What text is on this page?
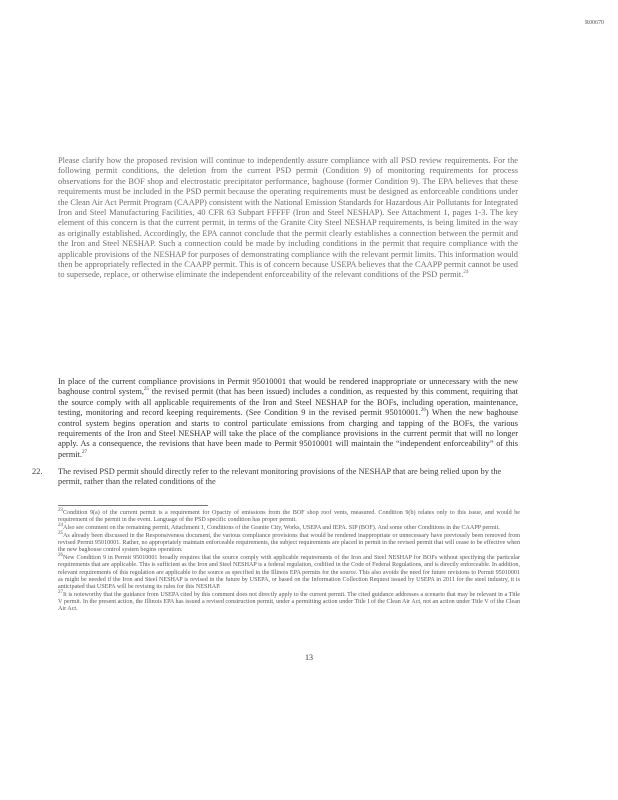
R00670
Please clarify how the proposed revision will continue to independently assure compliance with all PSD review requirements. For the following permit conditions, the deletion from the current PSD permit (Condition 9) of monitoring requirements for process observations for the BOF shop and electrostatic precipitator performance, baghouse (former Condition 9). The EPA believes that these requirements must be included in the PSD permit because the operating requirements must be designed as enforceable conditions under the Clean Air Act Permit Program (CAAPP) consistent with the National Emission Standards for Hazardous Air Pollutants for Integrated Iron and Steel Manufacturing Facilities, 40 CFR 63 Subpart FFFFF (Iron and Steel NESHAP). See Attachment 1, pages 1-3. The key element of this concern is that the current permit, in terms of the Granite City Steel NESHAP requirements, is being limited in the way as originally established. Accordingly, the EPA cannot conclude that the permit clearly establishes a connection between the permit and the Iron and Steel NESHAP. Such a connection could be made by including conditions in the permit that require compliance with the applicable provisions of the NESHAP for purposes of demonstrating compliance with the relevant permit limits. This information would then be appropriately reflected in the CAAPP permit. This is of concern because USEPA believes that the CAAPP permit cannot be used to supersede, replace, or otherwise eliminate the independent enforceability of the relevant conditions of the PSD permit.$^{24}$
In place of the current compliance provisions in Permit 95010001 that would be rendered inappropriate or unnecessary with the new baghouse control system,$^{25}$ the revised permit (that has been issued) includes a condition, as requested by this comment, requiring that the source comply with all applicable requirements of the Iron and Steel NESHAP for the BOFs, including operation, maintenance, testing, monitoring and record keeping requirements. (See Condition 9 in the revised permit 95010001.26) When the new baghouse control system begins operation and starts to control particulate emissions from charging and tapping of the BOFs, the various requirements of the Iron and Steel NESHAP will take the place of the compliance provisions in the current permit that will no longer apply. As a consequence, the revisions that have been made to Permit 95010001 will maintain the “independent enforceability” of this permit.$^{27}$
22. The revised PSD permit should directly refer to the relevant monitoring provisions of the NESHAP that are being relied upon by the permit, rather than the related conditions of the
$^{23}$Condition 9(a) of the current permit is a requirement for Opacity of emissions from the BOF shop roof vents, measured. Condition 9(b) relates only to this issue, and would be requirement of the permit in the event. Language of the PSD specific condition has proper permit.
$^{24}$Also see comment on the remaining permit, Attachment 1, Conditions of the Granite City, Works, USEPA and IEPA. SIP (BOF). And some other Conditions in the CAAPP permit.
$^{25}$As already been discussed in the Responsiveness document, the various compliance provisions that would be rendered inappropriate or unnecessary have previously been removed from revised Permit 95010001. Rather, no appropriately maintain enforceable requirements, the subject requirements are placed in permit in the revised permit that will cease to be effective when the new baghouse control system begins operation.
$^{26}$New Condition 9 in Permit 95010001 broadly requires that the source comply with applicable requirements of the Iron and Steel NESHAP for BOFs without specifying the particular requirements that are applicable. This is sufficient as the Iron and Steel NESHAP is a federal regulation, codified in the Code of Federal Regulations, and is directly enforceable. In addition, relevant requirements of this regulation are applicable to the source as specified in the Illinois EPA permits for the source. This also avoids the need for future revisions to Permit 95010001 as might be needed if the Iron and Steel NESHAP is revised in the future by USEPA, or based on the Information Collection Request issued by USEPA in 2011 for the steel industry, it is anticipated that USEPA will be revising its rules for this NESHAP.
$^{27}$It is noteworthy that the guidance from USEPA cited by this comment does not directly apply to the current permit. The cited guidance addresses a scenario that may be relevant in a Title V permit. In the present action, the Illinois EPA has issued a revised construction permit, under a permitting action under Title I of the Clean Air Act, not an action under Title V of the Clean Air Act.
13
